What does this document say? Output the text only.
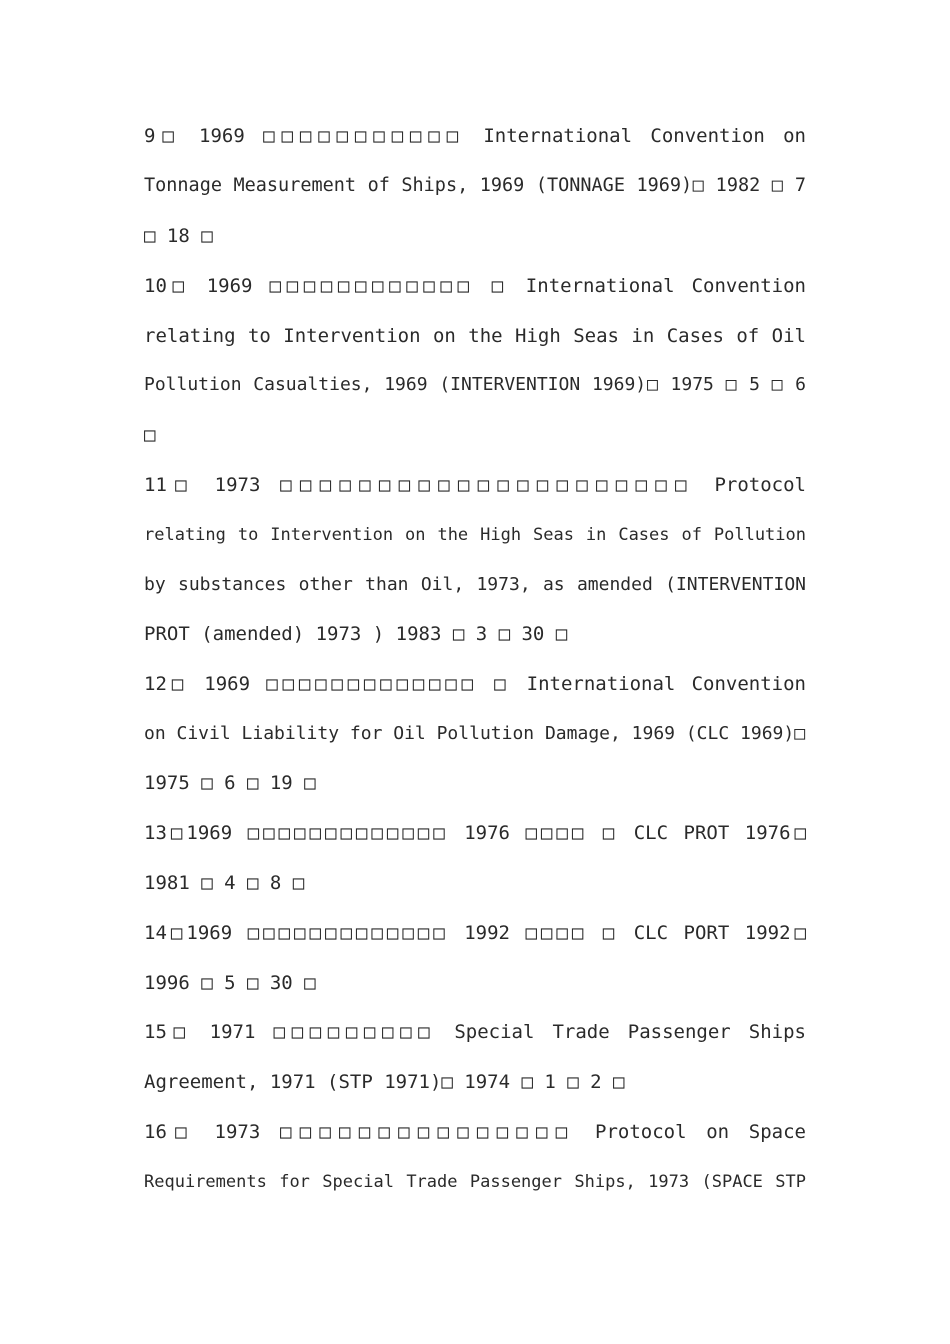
9□ 1969 □□□□□□□□□□□ International Convention on
Tonnage Measurement of Ships, 1969 (TONNAGE 1969)□ 1982 □ 7
□ 18 □
10□ 1969 □□□□□□□□□□□□ □ International Convention
relating to Intervention on the High Seas in Cases of Oil
Pollution Casualties, 1969 (INTERVENTION 1969)□ 1975 □ 5 □ 6
□
11□ 1973 □□□□□□□□□□□□□□□□□□□□□ Protocol
relating to Intervention on the High Seas in Cases of Pollution
by substances other than Oil, 1973, as amended (INTERVENTION
PROT (amended) 1973 ) 1983 □ 3 □ 30 □
12□ 1969 □□□□□□□□□□□□□ □ International Convention
on Civil Liability for Oil Pollution Damage, 1969 (CLC 1969)□
1975 □ 6 □ 19 □
13□1969 □□□□□□□□□□□□□ 1976 □□□□ □ CLC PROT 1976□
1981 □ 4 □ 8 □
14□1969 □□□□□□□□□□□□□ 1992 □□□□ □ CLC PORT 1992□
1996 □ 5 □ 30 □
15□ 1971 □□□□□□□□□ Special Trade Passenger Ships
Agreement, 1971 (STP 1971)□ 1974 □ 1 □ 2 □
16□ 1973 □□□□□□□□□□□□□□□ Protocol on Space
Requirements for Special Trade Passenger Ships, 1973 (SPACE STP
